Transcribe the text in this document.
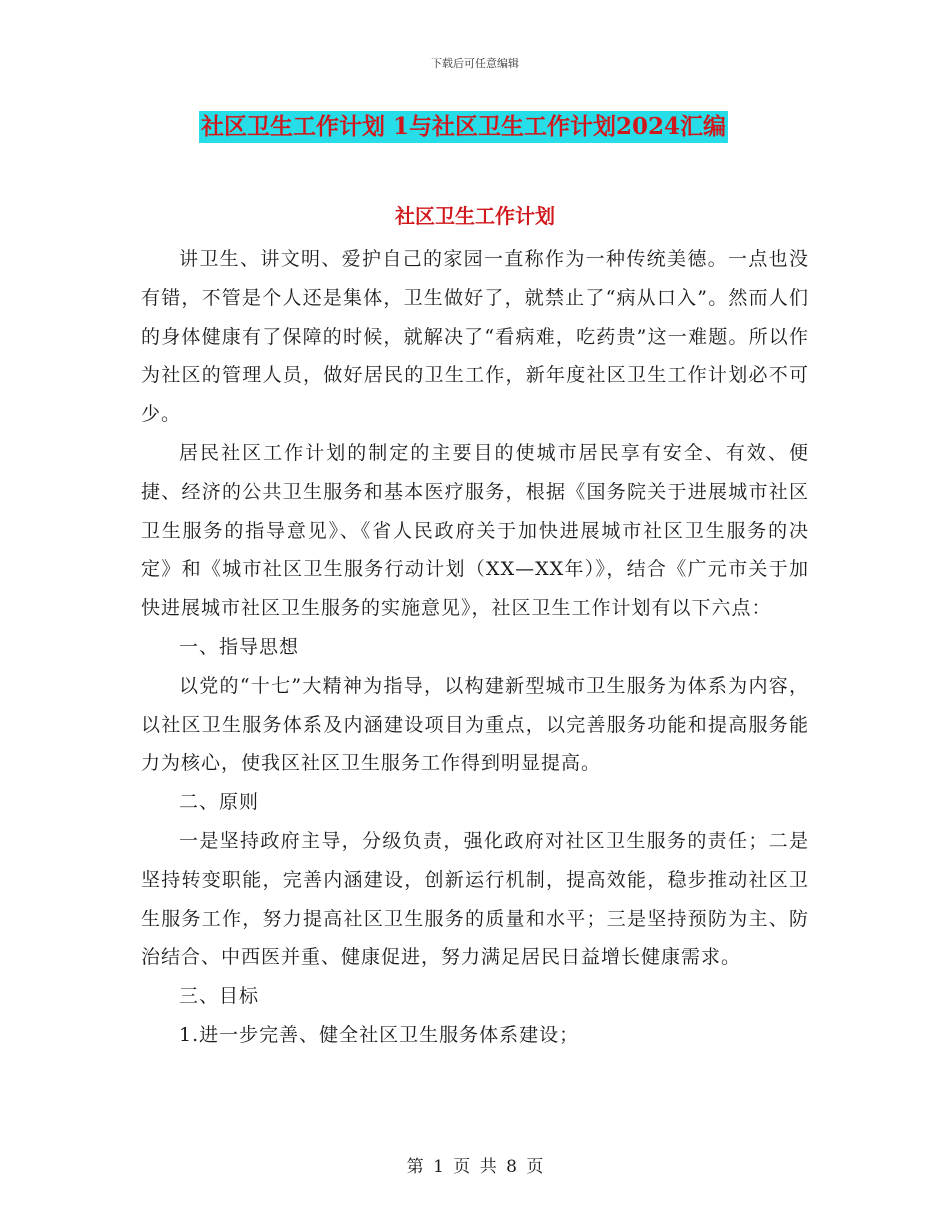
下载后可任意编辑
社区卫生工作计划 1与社区卫生工作计划2024汇编
社区卫生工作计划

讲卫生、讲文明、爱护自己的家园一直称作为一种传统美德。一点也没有错，不管是个人还是集体，卫生做好了，就禁止了“病从口入”。然而人们的身体健康有了保障的时候，就解决了“看病难，吃药贵”这一难题。所以作为社区的管理人员，做好居民的卫生工作，新年度社区卫生工作计划必不可少。

居民社区工作计划的制定的主要目的使城市居民享有安全、有效、便捷、经济的公共卫生服务和基本医疗服务，根据《国务院关于进展城市社区卫生服务的指导意见》、《省人民政府关于加快进展城市社区卫生服务的决定》和《城市社区卫生服务行动计划（XX—XX年）》，结合《广元市关于加快进展城市社区卫生服务的实施意见》，社区卫生工作计划有以下六点：

一、指导思想

以党的“十七”大精神为指导，以构建新型城市卫生服务为体系为内容，以社区卫生服务体系及内涵建设项目为重点，以完善服务功能和提高服务能力为核心，使我区社区卫生服务工作得到明显提高。

二、原则

一是坚持政府主导，分级负责，强化政府对社区卫生服务的责任；二是坚持转变职能，完善内涵建设，创新运行机制，提高效能，稳步推动社区卫生服务工作，努力提高社区卫生服务的质量和水平；三是坚持预防为主、防治结合、中西医并重、健康促进，努力满足居民日益增长健康需求。

三、目标

1.进一步完善、健全社区卫生服务体系建设；

第 1 页 共 8 页
